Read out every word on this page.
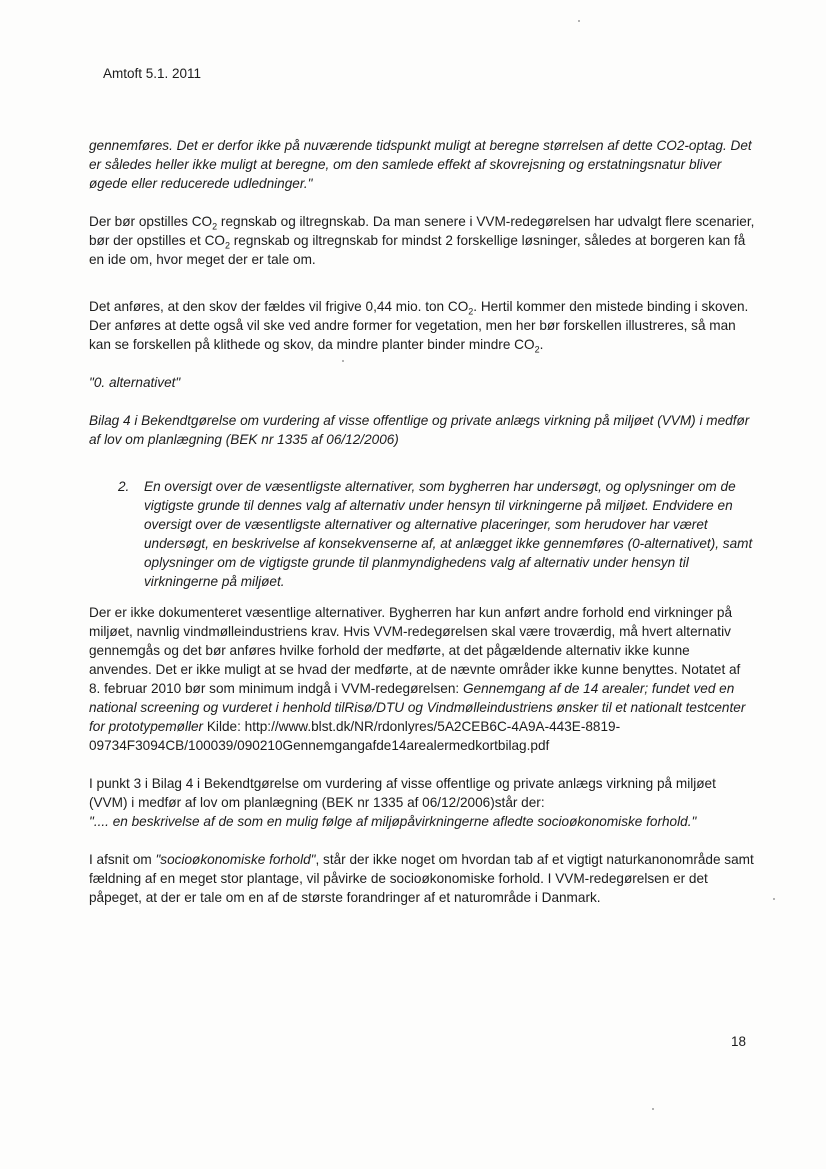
Amtoft 5.1. 2011

gennemføres. Det er derfor ikke på nuværende tidspunkt muligt at beregne størrelsen af dette CO2-optag. Det er således heller ikke muligt at beregne, om den samlede effekt af skovrejsning og erstatningsnatur bliver øgede eller reducerede udledninger."

Der bør opstilles $CO_2$ regnskab og iltregnskab. Da man senere i VVM-redegørelsen har udvalgt flere scenarier, bør der opstilles et $CO_2$ regnskab og iltregnskab for mindst 2 forskellige løsninger, således at borgeren kan få en ide om, hvor meget der er tale om.

Det anføres, at den skov der fældes vil frigive 0,44 mio. ton $CO_2$. Hertil kommer den mistede binding i skoven. Der anføres at dette også vil ske ved andre former for vegetation, men her bør forskellen illustreres, så man kan se forskellen på klithede og skov, da mindre planter binder mindre $CO_2$.

"0. alternativet"

Bilag 4 i Bekendtgørelse om vurdering af visse offentlige og private anlægs virkning på miljøet (VVM) i medfør af lov om planlægning (BEK nr 1335 af 06/12/2006)

2.	En oversigt over de væsentligste alternativer, som bygherren har undersøgt, og oplysninger om de vigtigste grunde til dennes valg af alternativ under hensyn til virkningerne på miljøet. Endvidere en oversigt over de væsentligste alternativer og alternative placeringer, som herudover har været undersøgt, en beskrivelse af konsekvenserne af, at anlægget ikke gennemføres (0-alternativet), samt oplysninger om de vigtigste grunde til planmyndighedens valg af alternativ under hensyn til virkningerne på miljøet.

Der er ikke dokumenteret væsentlige alternativer. Bygherren har kun anført andre forhold end virkninger på miljøet, navnlig vindmølleindustriens krav. Hvis VVM-redegørelsen skal være troværdig, må hvert alternativ gennemgås og det bør anføres hvilke forhold der medførte, at det pågældende alternativ ikke kunne anvendes. Det er ikke muligt at se hvad der medførte, at de nævnte områder ikke kunne benyttes. Notatet af 8. februar 2010 bør som minimum indgå i VVM-redegørelsen: Gennemgang af de 14 arealer; fundet ved en national screening og vurderet i henhold tilRisø/DTU og Vindmølleindustriens ønsker til et nationalt testcenter for prototypemøller Kilde: http://www.blst.dk/NR/rdonlyres/5A2CEB6C-4A9A-443E-8819-09734F3094CB/100039/090210Gennemgangafde14arealermedkortbilag.pdf

I punkt 3 i Bilag 4 i Bekendtgørelse om vurdering af visse offentlige og private anlægs virkning på miljøet (VVM) i medfør af lov om planlægning (BEK nr 1335 af 06/12/2006)står der:

".... en beskrivelse af de som en mulig følge af miljøpåvirkningerne afledte socioøkonomiske forhold."

I afsnit om "socioøkonomiske forhold", står der ikke noget om hvordan tab af et vigtigt naturkanonområde samt fældning af en meget stor plantage, vil påvirke de socioøkonomiske forhold. I VVM-redegørelsen er det påpeget, at der er tale om en af de største forandringer af et naturområde i Danmark.

18
